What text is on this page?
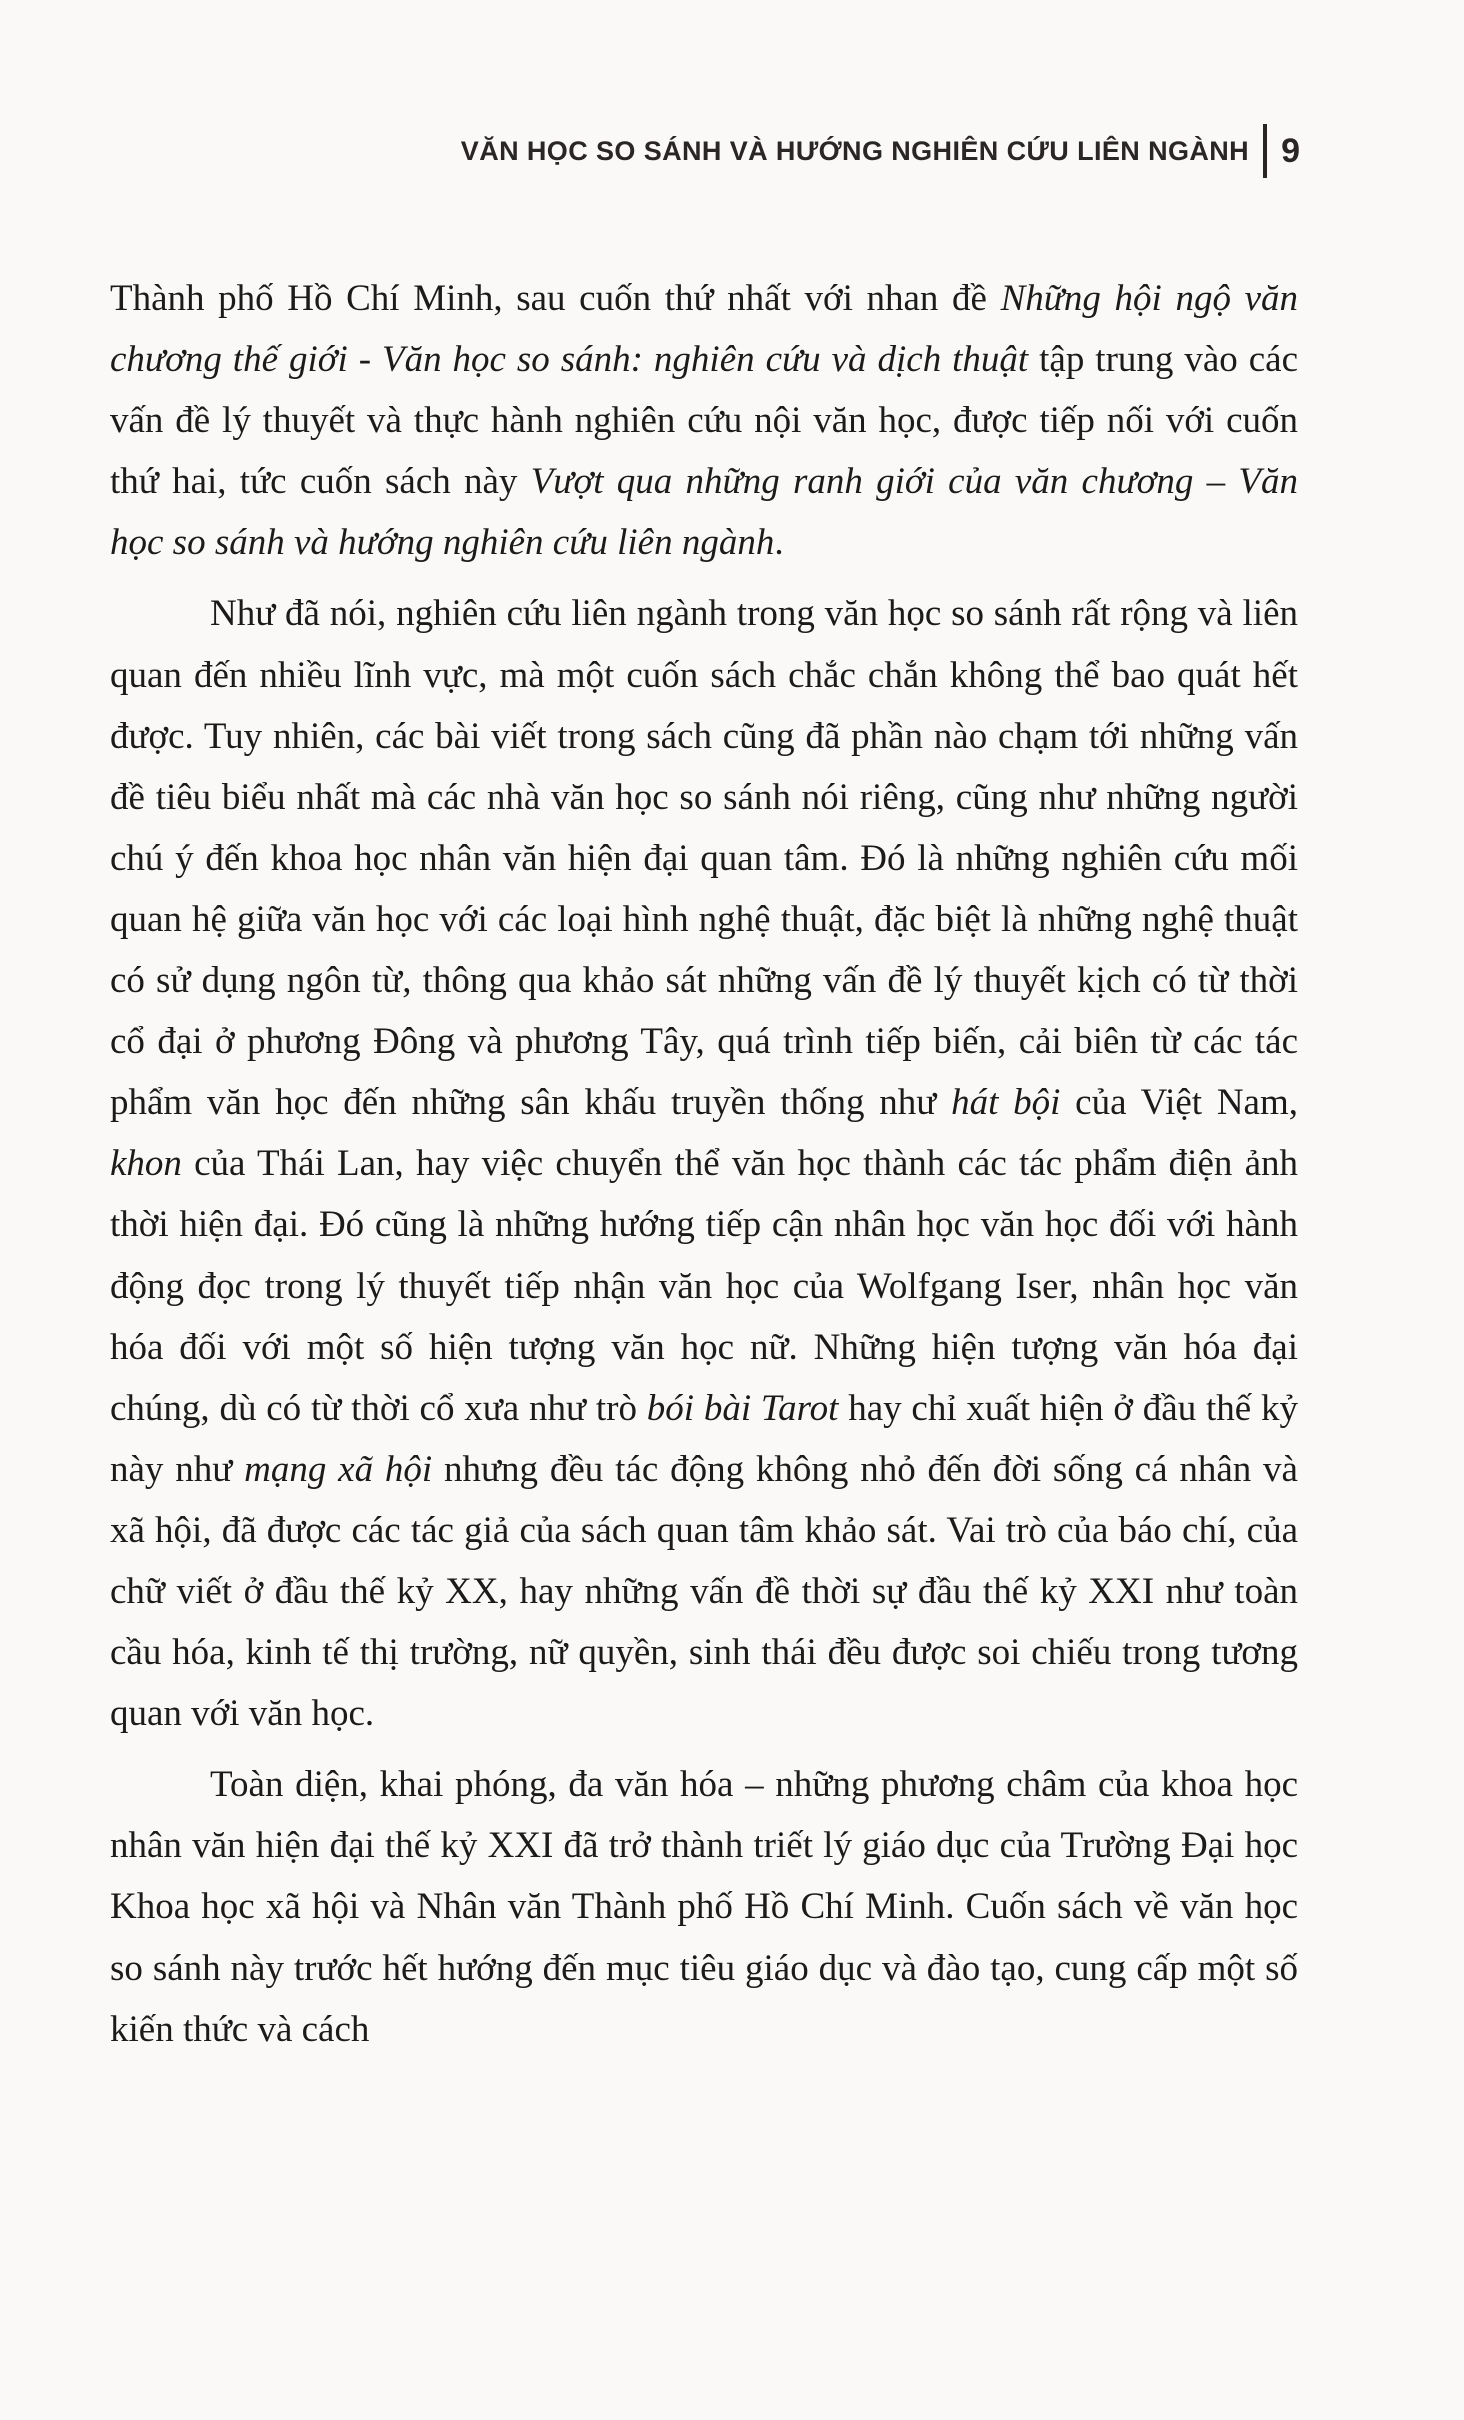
VĂN HỌC SO SÁNH VÀ HƯỚNG NGHIÊN CỨU LIÊN NGÀNH 9

Thành phố Hồ Chí Minh, sau cuốn thứ nhất với nhan đề Những hội ngộ văn chương thế giới - Văn học so sánh: nghiên cứu và dịch thuật tập trung vào các vấn đề lý thuyết và thực hành nghiên cứu nội văn học, được tiếp nối với cuốn thứ hai, tức cuốn sách này Vượt qua những ranh giới của văn chương – Văn học so sánh và hướng nghiên cứu liên ngành.

Như đã nói, nghiên cứu liên ngành trong văn học so sánh rất rộng và liên quan đến nhiều lĩnh vực, mà một cuốn sách chắc chắn không thể bao quát hết được. Tuy nhiên, các bài viết trong sách cũng đã phần nào chạm tới những vấn đề tiêu biểu nhất mà các nhà văn học so sánh nói riêng, cũng như những người chú ý đến khoa học nhân văn hiện đại quan tâm. Đó là những nghiên cứu mối quan hệ giữa văn học với các loại hình nghệ thuật, đặc biệt là những nghệ thuật có sử dụng ngôn từ, thông qua khảo sát những vấn đề lý thuyết kịch có từ thời cổ đại ở phương Đông và phương Tây, quá trình tiếp biến, cải biên từ các tác phẩm văn học đến những sân khấu truyền thống như hát bội của Việt Nam, khon của Thái Lan, hay việc chuyển thể văn học thành các tác phẩm điện ảnh thời hiện đại. Đó cũng là những hướng tiếp cận nhân học văn học đối với hành động đọc trong lý thuyết tiếp nhận văn học của Wolfgang Iser, nhân học văn hóa đối với một số hiện tượng văn học nữ. Những hiện tượng văn hóa đại chúng, dù có từ thời cổ xưa như trò bói bài Tarot hay chỉ xuất hiện ở đầu thế kỷ này như mạng xã hội nhưng đều tác động không nhỏ đến đời sống cá nhân và xã hội, đã được các tác giả của sách quan tâm khảo sát. Vai trò của báo chí, của chữ viết ở đầu thế kỷ XX, hay những vấn đề thời sự đầu thế kỷ XXI như toàn cầu hóa, kinh tế thị trường, nữ quyền, sinh thái đều được soi chiếu trong tương quan với văn học.

Toàn diện, khai phóng, đa văn hóa – những phương châm của khoa học nhân văn hiện đại thế kỷ XXI đã trở thành triết lý giáo dục của Trường Đại học Khoa học xã hội và Nhân văn Thành phố Hồ Chí Minh. Cuốn sách về văn học so sánh này trước hết hướng đến mục tiêu giáo dục và đào tạo, cung cấp một số kiến thức và cách
